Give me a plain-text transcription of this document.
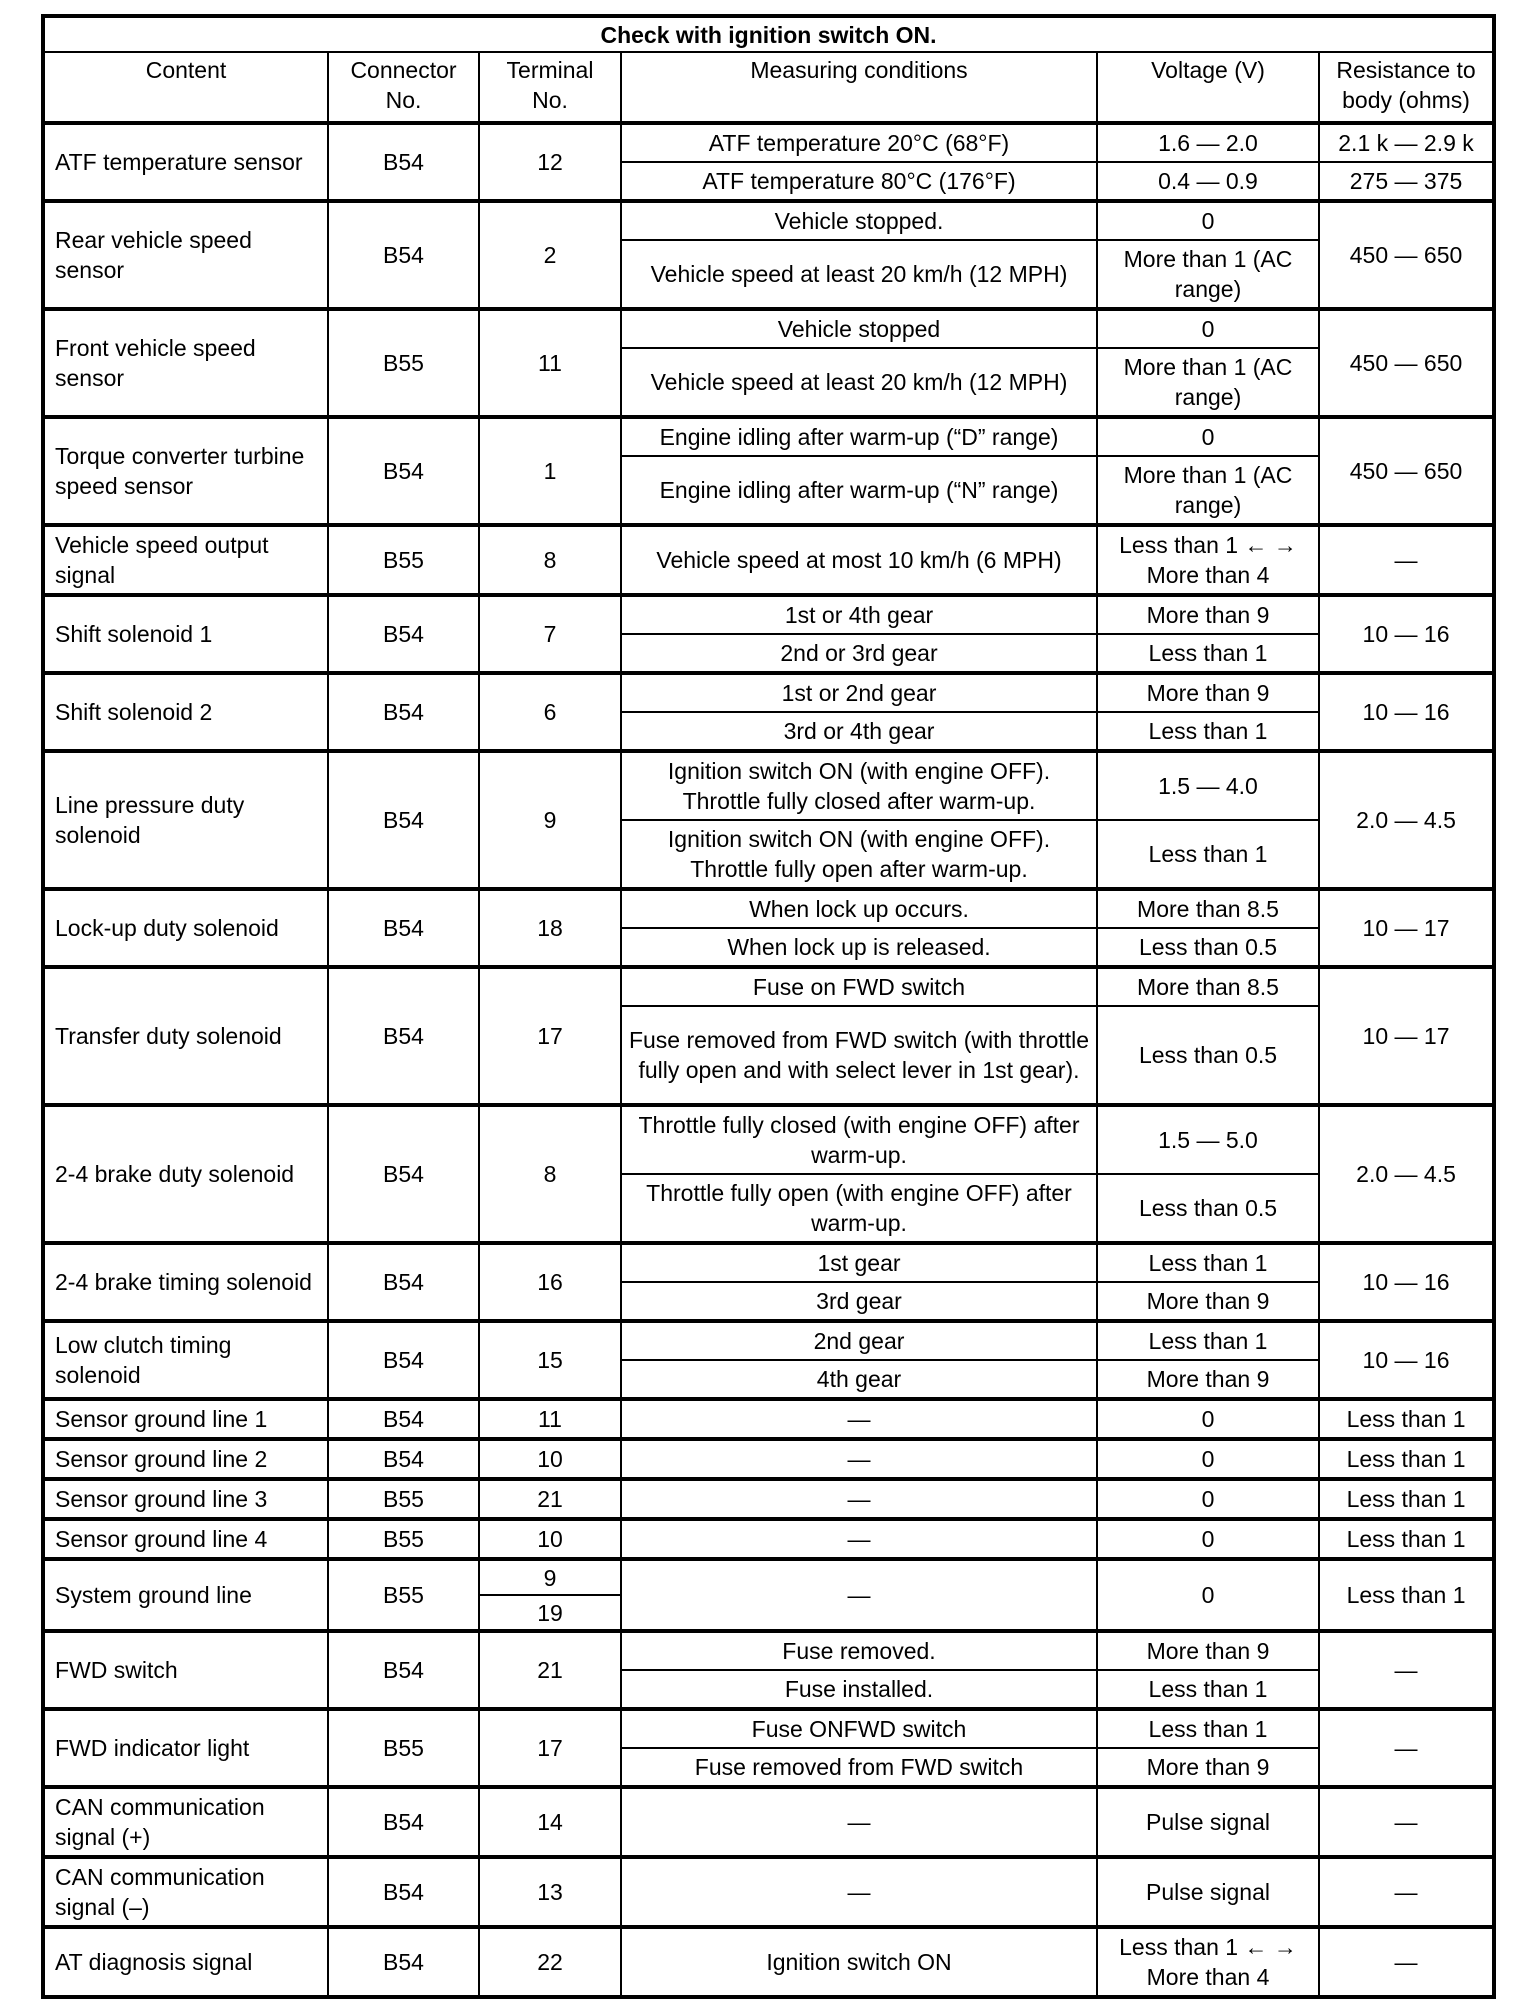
Check with ignition switch ON.					
Content	Connector No.	Terminal No.	Measuring conditions	Voltage (V)	Resistance to body (ohms)
ATF temperature sensor	B54	12	ATF temperature 20°C (68°F)	1.6 — 2.0	2.1 k — 2.9 k
			ATF temperature 80°C (176°F)	0.4 — 0.9	275 — 375
Rear vehicle speed sensor	B54	2	Vehicle stopped.	0	450 — 650
			Vehicle speed at least 20 km/h (12 MPH)	More than 1 (AC range)	
Front vehicle speed sensor	B55	11	Vehicle stopped	0	450 — 650
			Vehicle speed at least 20 km/h (12 MPH)	More than 1 (AC range)	
Torque converter turbine speed sensor	B54	1	Engine idling after warm-up (“D” range)	0	450 — 650
			Engine idling after warm-up (“N” range)	More than 1 (AC range)	
Vehicle speed output signal	B55	8	Vehicle speed at most 10 km/h (6 MPH)	Less than 1 ← → More than 4	—
Shift solenoid 1	B54	7	1st or 4th gear	More than 9	10 — 16
			2nd or 3rd gear	Less than 1	
Shift solenoid 2	B54	6	1st or 2nd gear	More than 9	10 — 16
			3rd or 4th gear	Less than 1	
Line pressure duty solenoid	B54	9	Ignition switch ON (with engine OFF). Throttle fully closed after warm-up.	1.5 — 4.0	2.0 — 4.5
			Ignition switch ON (with engine OFF). Throttle fully open after warm-up.	Less than 1	
Lock-up duty solenoid	B54	18	When lock up occurs.	More than 8.5	10 — 17
			When lock up is released.	Less than 0.5	
Transfer duty solenoid	B54	17	Fuse on FWD switch	More than 8.5	10 — 17
			Fuse removed from FWD switch (with throttle fully open and with select lever in 1st gear).	Less than 0.5	
2-4 brake duty solenoid	B54	8	Throttle fully closed (with engine OFF) after warm-up.	1.5 — 5.0	2.0 — 4.5
			Throttle fully open (with engine OFF) after warm-up.	Less than 0.5	
2-4 brake timing solenoid	B54	16	1st gear	Less than 1	10 — 16
			3rd gear	More than 9	
Low clutch timing solenoid	B54	15	2nd gear	Less than 1	10 — 16
			4th gear	More than 9	
Sensor ground line 1	B54	11	—	0	Less than 1
Sensor ground line 2	B54	10	—	0	Less than 1
Sensor ground line 3	B55	21	—	0	Less than 1
Sensor ground line 4	B55	10	—	0	Less than 1
System ground line	B55	9	—	0	Less than 1
		19			
FWD switch	B54	21	Fuse removed.	More than 9	—
			Fuse installed.	Less than 1	
FWD indicator light	B55	17	Fuse ONFWD switch	Less than 1	—
			Fuse removed from FWD switch	More than 9	
CAN communication signal (+)	B54	14	—	Pulse signal	—
CAN communication signal (–)	B54	13	—	Pulse signal	—
AT diagnosis signal	B54	22	Ignition switch ON	Less than 1 ← → More than 4	—
